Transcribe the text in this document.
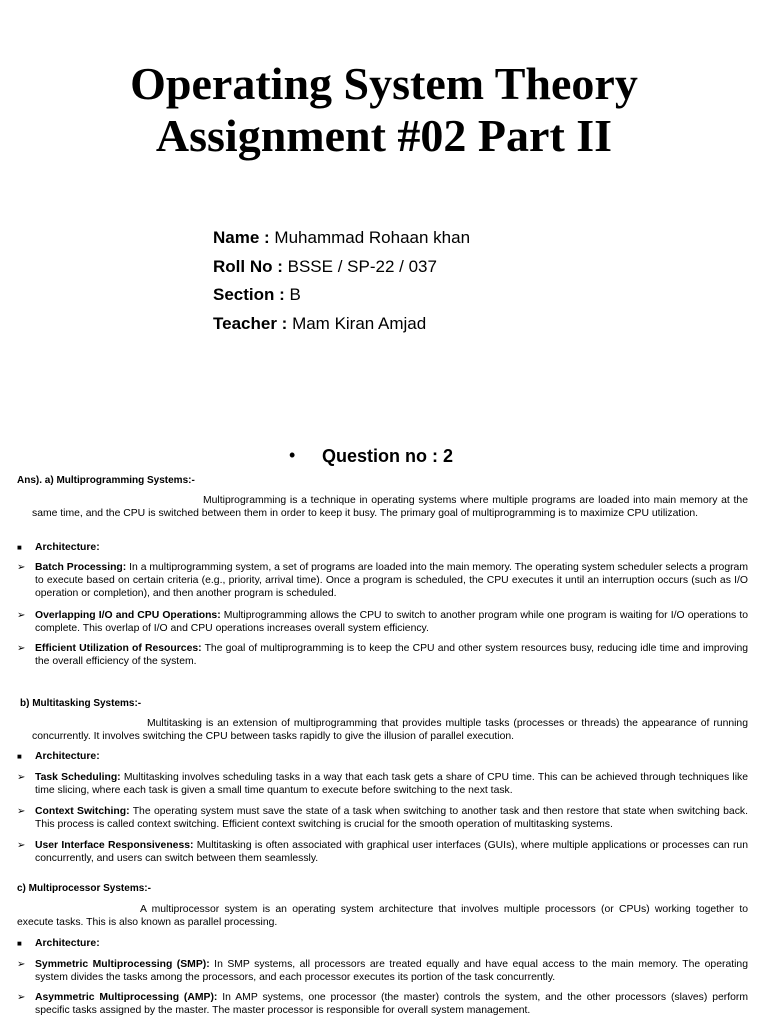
Operating System Theory
Assignment #02 Part II
Name : Muhammad Rohaan khan
Roll No : BSSE / SP-22 / 037
Section : B
Teacher : Mam Kiran Amjad
• Question no : 2
Ans). a) Multiprogramming Systems:-
Multiprogramming is a technique in operating systems where multiple programs are loaded into main memory at the same time, and the CPU is switched between them in order to keep it busy. The primary goal of multiprogramming is to maximize CPU utilization.
■	Architecture:
➢ Batch Processing: In a multiprogramming system, a set of programs are loaded into the main memory. The operating system scheduler selects a program to execute based on certain criteria (e.g., priority, arrival time). Once a program is scheduled, the CPU executes it until an interruption occurs (such as I/O operation or completion), and then another program is scheduled.
➢ Overlapping I/O and CPU Operations: Multiprogramming allows the CPU to switch to another program while one program is waiting for I/O operations to complete. This overlap of I/O and CPU operations increases overall system efficiency.
➢ Efficient Utilization of Resources: The goal of multiprogramming is to keep the CPU and other system resources busy, reducing idle time and improving the overall efficiency of the system.
b) Multitasking Systems:-
Multitasking is an extension of multiprogramming that provides multiple tasks (processes or threads) the appearance of running concurrently. It involves switching the CPU between tasks rapidly to give the illusion of parallel execution.
■	Architecture:
➢ Task Scheduling: Multitasking involves scheduling tasks in a way that each task gets a share of CPU time. This can be achieved through techniques like time slicing, where each task is given a small time quantum to execute before switching to the next task.
➢ Context Switching: The operating system must save the state of a task when switching to another task and then restore that state when switching back. This process is called context switching. Efficient context switching is crucial for the smooth operation of multitasking systems.
➢ User Interface Responsiveness: Multitasking is often associated with graphical user interfaces (GUIs), where multiple applications or processes can run concurrently, and users can switch between them seamlessly.
c) Multiprocessor Systems:-
A multiprocessor system is an operating system architecture that involves multiple processors (or CPUs) working together to execute tasks. This is also known as parallel processing.
■	Architecture:
➢ Symmetric Multiprocessing (SMP): In SMP systems, all processors are treated equally and have equal access to the main memory. The operating system divides the tasks among the processors, and each processor executes its portion of the task concurrently.
➢ Asymmetric Multiprocessing (AMP): In AMP systems, one processor (the master) controls the system, and the other processors (slaves) perform specific tasks assigned by the master. The master processor is responsible for overall system management.
